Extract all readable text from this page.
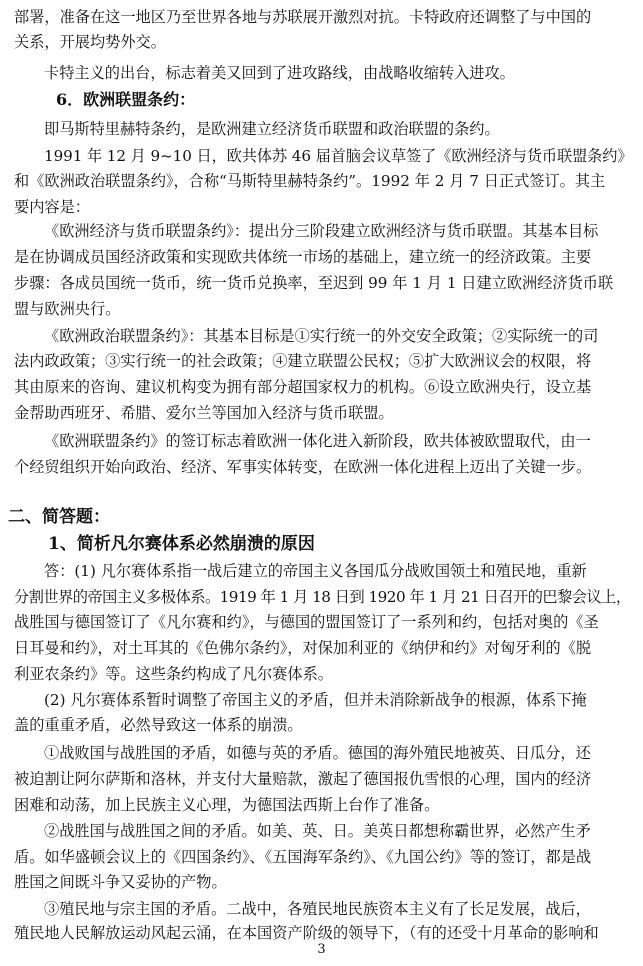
部署，准备在这一地区乃至世界各地与苏联展开激烈对抗。卡特政府还调整了与中国的
关系，开展均势外交。
卡特主义的出台，标志着美又回到了进攻路线，由战略收缩转入进攻。
6．欧洲联盟条约：
即马斯特里赫特条约，是欧洲建立经济货币联盟和政治联盟的条约。
1991 年 12 月 9~10 日，欧共体苏 46 届首脑会议草签了《欧洲经济与货币联盟条约》
和《欧洲政治联盟条约》，合称“马斯特里赫特条约”。1992 年 2 月 7 日正式签订。其主
要内容是：
《欧洲经济与货币联盟条约》：提出分三阶段建立欧洲经济与货币联盟。其基本目标
是在协调成员国经济政策和实现欧共体统一市场的基础上，建立统一的经济政策。主要
步骤：各成员国统一货币，统一货币兑换率，至迟到 99 年 1 月 1 日建立欧洲经济货币联
盟与欧洲央行。
《欧洲政治联盟条约》：其基本目标是①实行统一的外交安全政策；②实际统一的司
法内政政策；③实行统一的社会政策；④建立联盟公民权；⑤扩大欧洲议会的权限，将
其由原来的咨询、建议机构变为拥有部分超国家权力的机构。⑥设立欧洲央行，设立基
金帮助西班牙、希腊、爱尔兰等国加入经济与货币联盟。
《欧洲联盟条约》的签订标志着欧洲一体化进入新阶段，欧共体被欧盟取代，由一
个经贸组织开始向政治、经济、军事实体转变，在欧洲一体化进程上迈出了关键一步。
二、简答题：
1、简析凡尔赛体系必然崩溃的原因
答：(1) 凡尔赛体系指一战后建立的帝国主义各国瓜分战败国领土和殖民地，重新
分割世界的帝国主义多极体系。1919 年 1 月 18 日到 1920 年 1 月 21 日召开的巴黎会议上，
战胜国与德国签订了《凡尔赛和约》，与德国的盟国签订了一系列和约，包括对奥的《圣
日耳曼和约》，对土耳其的《色佛尔条约》，对保加利亚的《纳伊和约》对匈牙利的《脱
利亚农条约》等。这些条约构成了凡尔赛体系。
(2) 凡尔赛体系暂时调整了帝国主义的矛盾，但并未消除新战争的根源，体系下掩
盖的重重矛盾，必然导致这一体系的崩溃。
①战败国与战胜国的矛盾，如德与英的矛盾。德国的海外殖民地被英、日瓜分，还
被迫割让阿尔萨斯和洛林，并支付大量赔款，激起了德国报仇雪恨的心理，国内的经济
困难和动荡，加上民族主义心理，为德国法西斯上台作了准备。
②战胜国与战胜国之间的矛盾。如美、英、日。美英日都想称霸世界，必然产生矛
盾。如华盛顿会议上的《四国条约》、《五国海军条约》、《九国公约》等的签订，都是战
胜国之间既斗争又妥协的产物。
③殖民地与宗主国的矛盾。二战中，各殖民地民族资本主义有了长足发展，战后，
殖民地人民解放运动风起云涌，在本国资产阶级的领导下，（有的还受十月革命的影响和
3
